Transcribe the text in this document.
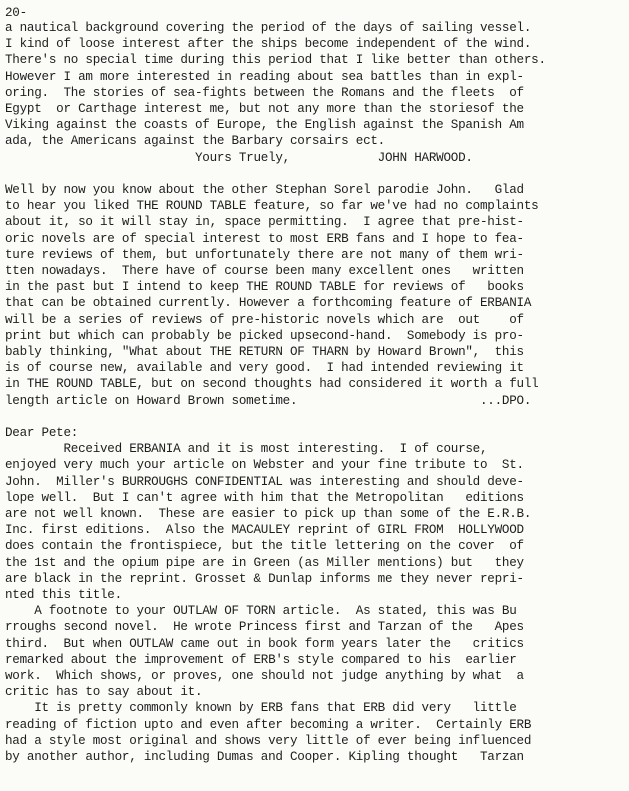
20-

a nautical background covering the period of the days of sailing vessel.

I kind of loose interest after the ships become independent of the wind.

There's no special time during this period that I like better than others.

However I am more interested in reading about sea battles than in expl-

oring.  The stories of sea-fights between the Romans and the fleets  of

Egypt  or Carthage interest me, but not any more than the storiesof the

Viking against the coasts of Europe, the English against the Spanish Am

ada, the Americans against the Barbary corsairs ect.

Yours Truely,            JOHN HARWOOD.

Well by now you know about the other Stephan Sorel parodie John.   Glad

to hear you liked THE ROUND TABLE feature, so far we've had no complaints

about it, so it will stay in, space permitting.  I agree that pre-hist-

oric novels are of special interest to most ERB fans and I hope to fea-

ture reviews of them, but unfortunately there are not many of them wri-

tten nowadays.  There have of course been many excellent ones   written

in the past but I intend to keep THE ROUND TABLE for reviews of   books

that can be obtained currently. However a forthcoming feature of ERBANIA

will be a series of reviews of pre-historic novels which are  out    of

print but which can probably be picked upsecond-hand.  Somebody is pro-

bably thinking, "What about THE RETURN OF THARN by Howard Brown",  this

is of course new, available and very good.  I had intended reviewing it

in THE ROUND TABLE, but on second thoughts had considered it worth a full

length article on Howard Brown sometime.                         ...DPO.

Dear Pete:

Received ERBANIA and it is most interesting.  I of course,

enjoyed very much your article on Webster and your fine tribute to  St.

John.  Miller's BURROUGHS CONFIDENTIAL was interesting and should deve-

lope well.  But I can't agree with him that the Metropolitan   editions

are not well known.  These are easier to pick up than some of the E.R.B.

Inc. first editions.  Also the MACAULEY reprint of GIRL FROM  HOLLYWOOD

does contain the frontispiece, but the title lettering on the cover  of

the 1st and the opium pipe are in Green (as Miller mentions) but   they

are black in the reprint. Grosset & Dunlap informs me they never repri-

nted this title.

A footnote to your OUTLAW OF TORN article.  As stated, this was Bu

rroughs second novel.  He wrote Princess first and Tarzan of the   Apes

third.  But when OUTLAW came out in book form years later the   critics

remarked about the improvement of ERB's style compared to his  earlier

work.  Which shows, or proves, one should not judge anything by what  a

critic has to say about it.

It is pretty commonly known by ERB fans that ERB did very   little

reading of fiction upto and even after becoming a writer.  Certainly ERB

had a style most original and shows very little of ever being influenced

by another author, including Dumas and Cooper. Kipling thought   Tarzan
